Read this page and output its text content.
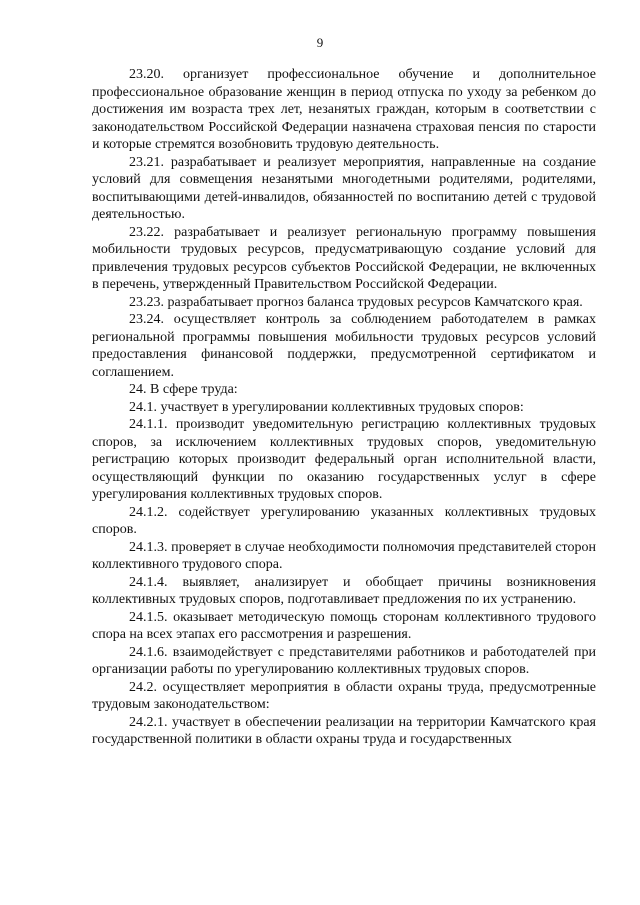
9

23.20. организует профессиональное обучение и дополнительное профессиональное образование женщин в период отпуска по уходу за ребенком до достижения им возраста трех лет, незанятых граждан, которым в соответствии с законодательством Российской Федерации назначена страховая пенсия по старости и которые стремятся возобновить трудовую деятельность.

23.21. разрабатывает и реализует мероприятия, направленные на создание условий для совмещения незанятыми многодетными родителями, родителями, воспитывающими детей-инвалидов, обязанностей по воспитанию детей с трудовой деятельностью.

23.22. разрабатывает и реализует региональную программу повышения мобильности трудовых ресурсов, предусматривающую создание условий для привлечения трудовых ресурсов субъектов Российской Федерации, не включенных в перечень, утвержденный Правительством Российской Федерации.

23.23. разрабатывает прогноз баланса трудовых ресурсов Камчатского края.

23.24. осуществляет контроль за соблюдением работодателем в рамках региональной программы повышения мобильности трудовых ресурсов условий предоставления финансовой поддержки, предусмотренной сертификатом и соглашением.

24. В сфере труда:

24.1. участвует в урегулировании коллективных трудовых споров:

24.1.1. производит уведомительную регистрацию коллективных трудовых споров, за исключением коллективных трудовых споров, уведомительную регистрацию которых производит федеральный орган исполнительной власти, осуществляющий функции по оказанию государственных услуг в сфере урегулирования коллективных трудовых споров.

24.1.2. содействует урегулированию указанных коллективных трудовых споров.

24.1.3. проверяет в случае необходимости полномочия представителей сторон коллективного трудового спора.

24.1.4. выявляет, анализирует и обобщает причины возникновения коллективных трудовых споров, подготавливает предложения по их устранению.

24.1.5. оказывает методическую помощь сторонам коллективного трудового спора на всех этапах его рассмотрения и разрешения.

24.1.6. взаимодействует с представителями работников и работодателей при организации работы по урегулированию коллективных трудовых споров.

24.2. осуществляет мероприятия в области охраны труда, предусмотренные трудовым законодательством:

24.2.1. участвует в обеспечении реализации на территории Камчатского края государственной политики в области охраны труда и государственных
